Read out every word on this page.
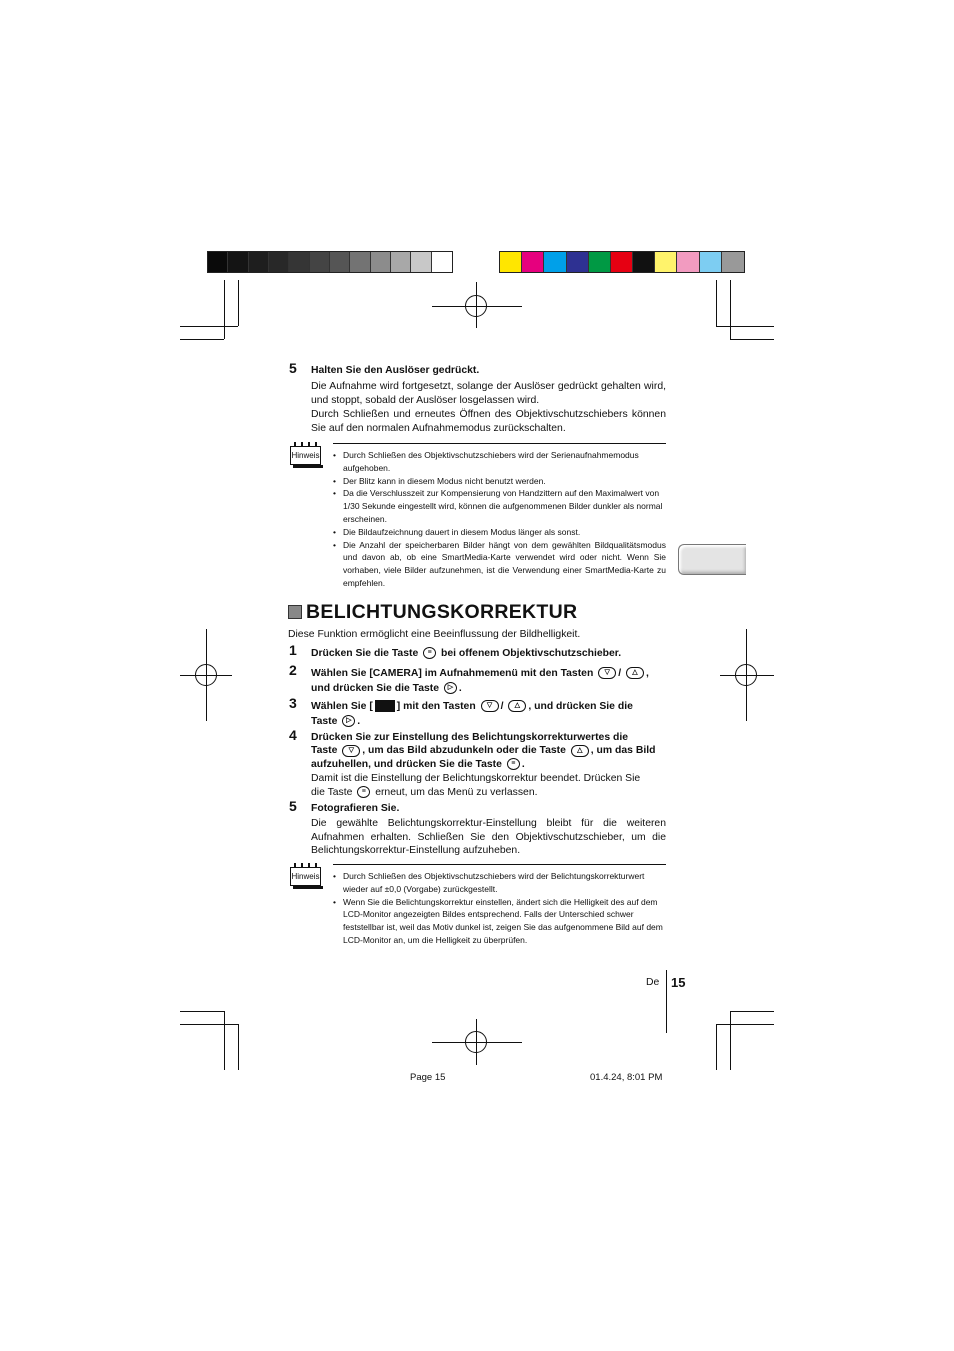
5 Halten Sie den Auslöser gedrückt.
Die Aufnahme wird fortgesetzt, solange der Auslöser gedrückt gehalten wird, und stoppt, sobald der Auslöser losgelassen wird.
Durch Schließen und erneutes Öffnen des Objektivschutzschiebers können Sie auf den normalen Aufnahmemodus zurückschalten.
Hinweis	• Durch Schließen des Objektivschutzschiebers wird der Serienaufnahmemodus aufgehoben.
• Der Blitz kann in diesem Modus nicht benutzt werden.
• Da die Verschlusszeit zur Kompensierung von Handzittern auf den Maximalwert von 1/30 Sekunde eingestellt wird, können die aufgenommenen Bilder dunkler als normal erscheinen.
• Die Bildaufzeichnung dauert in diesem Modus länger als sonst.
• Die Anzahl der speicherbaren Bilder hängt von dem gewählten Bildqualitätsmodus und davon ab, ob eine SmartMedia-Karte verwendet wird oder nicht. Wenn Sie vorhaben, viele Bilder aufzunehmen, ist die Verwendung einer SmartMedia-Karte zu empfehlen.
BELICHTUNGSKORREKTUR
Diese Funktion ermöglicht eine Beeinflussung der Bildhelligkeit.
1 Drücken Sie die Taste ≡ bei offenem Objektivschutzschieber.
2 Wählen Sie [CAMERA] im Aufnahmemenü mit den Tasten ▽ / △ ,
und drücken Sie die Taste ▷ .
3 Wählen Sie [ ] mit den Tasten ▽ / △ , und drücken Sie die
Taste ▷ .
4 Drücken Sie zur Einstellung des Belichtungskorrekturwertes die
Taste ▽ , um das Bild abzudunkeln oder die Taste △ , um das Bild
aufzuhellen, und drücken Sie die Taste ≡ .
Damit ist die Einstellung der Belichtungskorrektur beendet. Drücken Sie
die Taste ≡ erneut, um das Menü zu verlassen.
5 Fotografieren Sie.
Die gewählte Belichtungskorrektur-Einstellung bleibt für die weiteren Aufnahmen erhalten. Schließen Sie den Objektivschutzschieber, um die Belichtungskorrektur-Einstellung aufzuheben.
Hinweis	• Durch Schließen des Objektivschutzschiebers wird der Belichtungskorrekturwert wieder auf ±0,0 (Vorgabe) zurückgestellt.
• Wenn Sie die Belichtungskorrektur einstellen, ändert sich die Helligkeit des auf dem LCD-Monitor angezeigten Bildes entsprechend. Falls der Unterschied schwer feststellbar ist, weil das Motiv dunkel ist, zeigen Sie das aufgenommene Bild auf dem LCD-Monitor an, um die Helligkeit zu überprüfen.
De 15
Page 15	01.4.24, 8:01 PM
